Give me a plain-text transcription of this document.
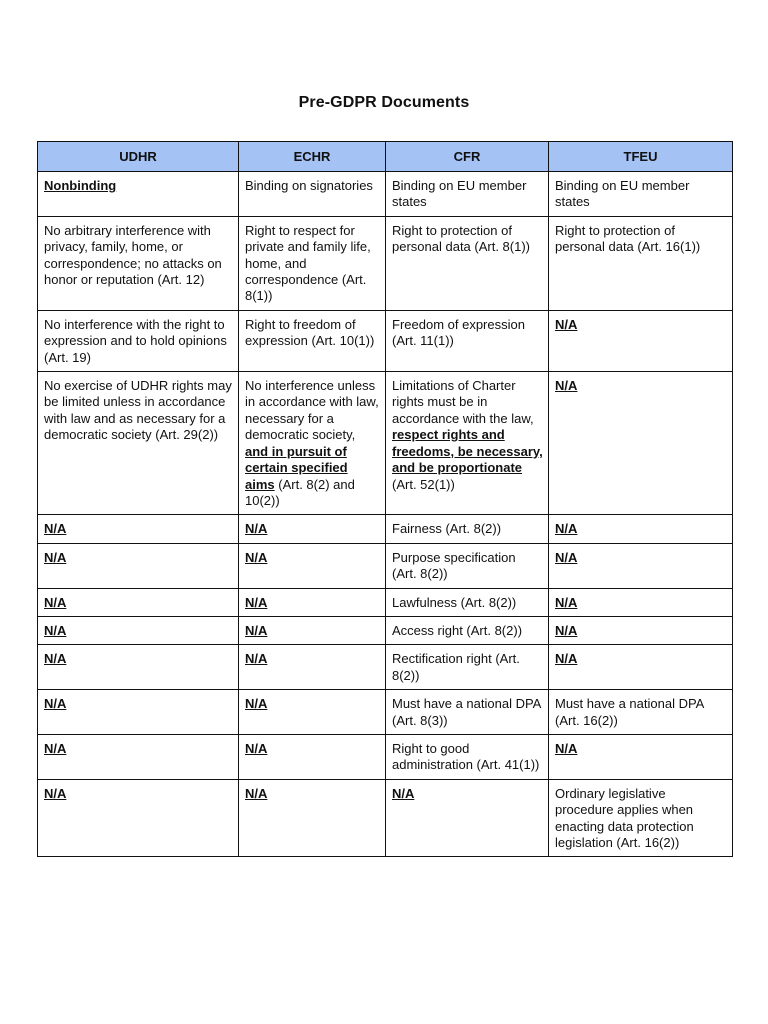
Pre-GDPR Documents
UDHR	ECHR	CFR	TFEU
Nonbinding	Binding on signatories	Binding on EU member states	Binding on EU member states
No arbitrary interference with privacy, family, home, or correspondence; no attacks on honor or reputation (Art. 12)	Right to respect for private and family life, home, and correspondence (Art. 8(1))	Right to protection of personal data (Art. 8(1))	Right to protection of personal data (Art. 16(1))
No interference with the right to expression and to hold opinions (Art. 19)	Right to freedom of expression (Art. 10(1))	Freedom of expression (Art. 11(1))	N/A
No exercise of UDHR rights may be limited unless in accordance with law and as necessary for a democratic society (Art. 29(2))	No interference unless in accordance with law, necessary for a democratic society, and in pursuit of certain specified aims (Art. 8(2) and 10(2))	Limitations of Charter rights must be in accordance with the law, respect rights and freedoms, be necessary, and be proportionate (Art. 52(1))	N/A
N/A	N/A	Fairness (Art. 8(2))	N/A
N/A	N/A	Purpose specification (Art. 8(2))	N/A
N/A	N/A	Lawfulness (Art. 8(2))	N/A
N/A	N/A	Access right (Art. 8(2))	N/A
N/A	N/A	Rectification right (Art. 8(2))	N/A
N/A	N/A	Must have a national DPA (Art. 8(3))	Must have a national DPA (Art. 16(2))
N/A	N/A	Right to good administration (Art. 41(1))	N/A
N/A	N/A	N/A	Ordinary legislative procedure applies when enacting data protection legislation (Art. 16(2))
